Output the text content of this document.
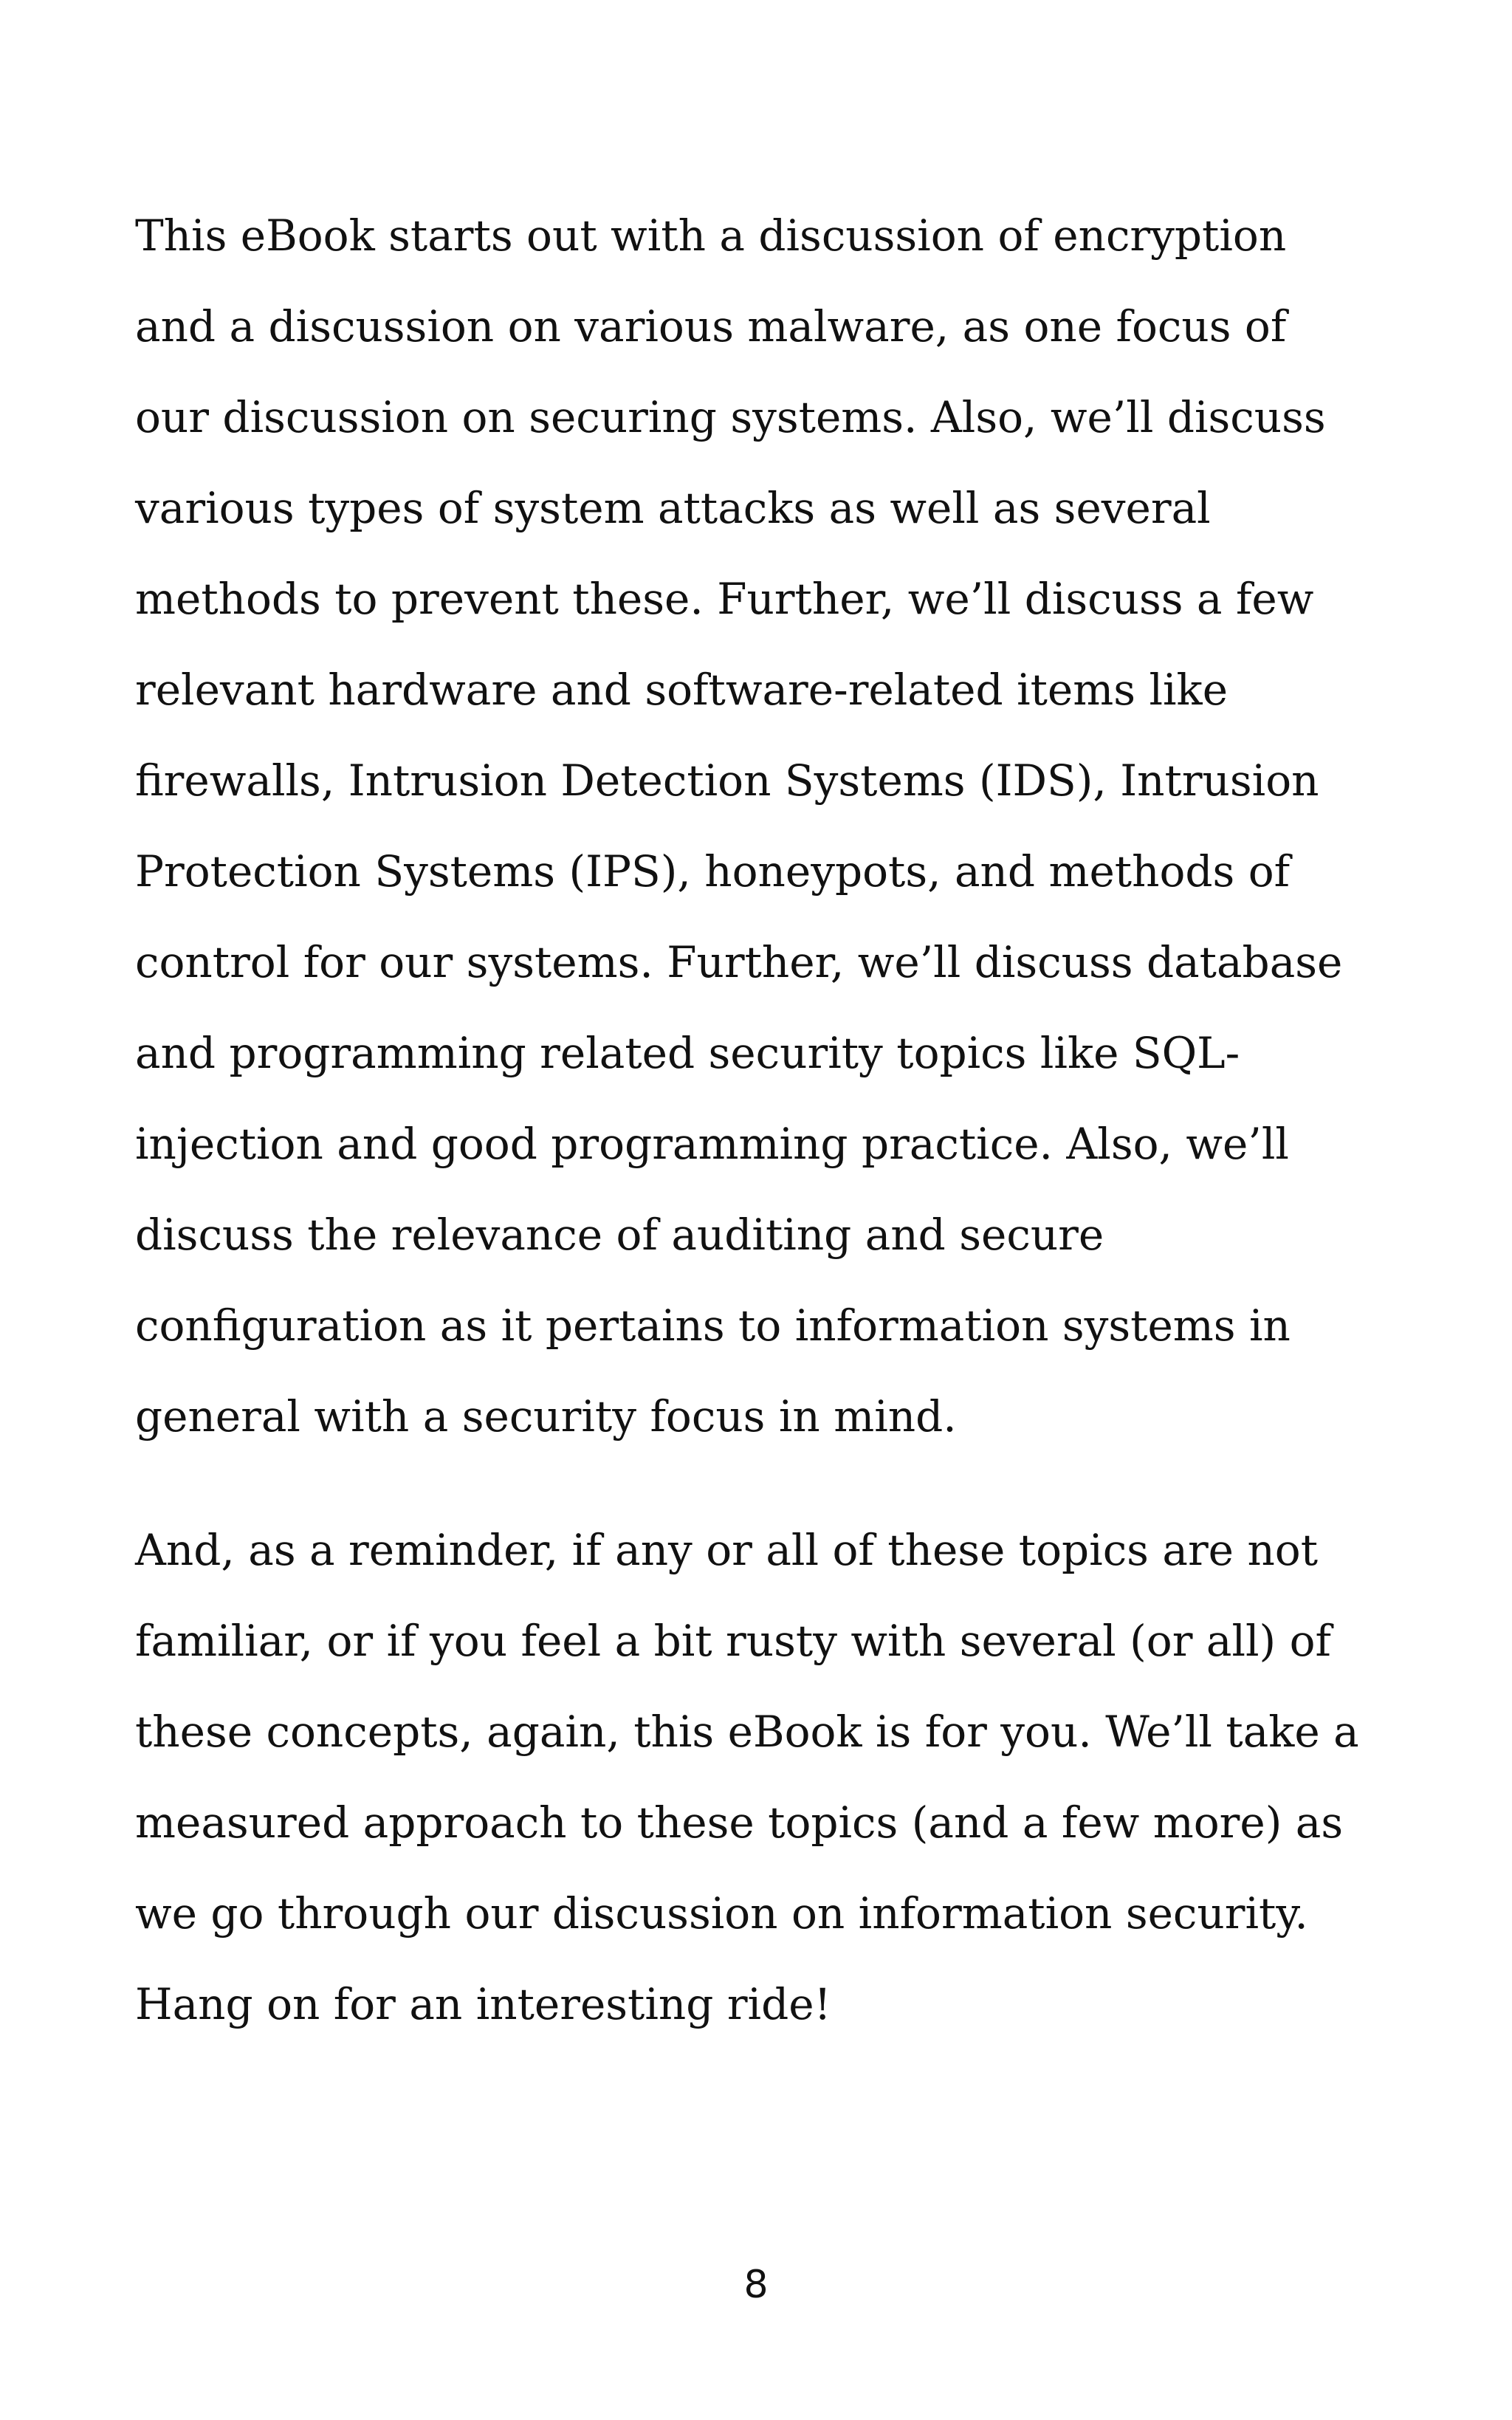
This eBook starts out with a discussion of encryption
and a discussion on various malware, as one focus of
our discussion on securing systems. Also, we’ll discuss
various types of system attacks as well as several
methods to prevent these. Further, we’ll discuss a few
relevant hardware and software-related items like
firewalls, Intrusion Detection Systems (IDS), Intrusion
Protection Systems (IPS), honeypots, and methods of
control for our systems. Further, we’ll discuss database
and programming related security topics like SQL-
injection and good programming practice. Also, we’ll
discuss the relevance of auditing and secure
configuration as it pertains to information systems in
general with a security focus in mind.

And, as a reminder, if any or all of these topics are not
familiar, or if you feel a bit rusty with several (or all) of
these concepts, again, this eBook is for you. We’ll take a
measured approach to these topics (and a few more) as
we go through our discussion on information security.
Hang on for an interesting ride!

8
